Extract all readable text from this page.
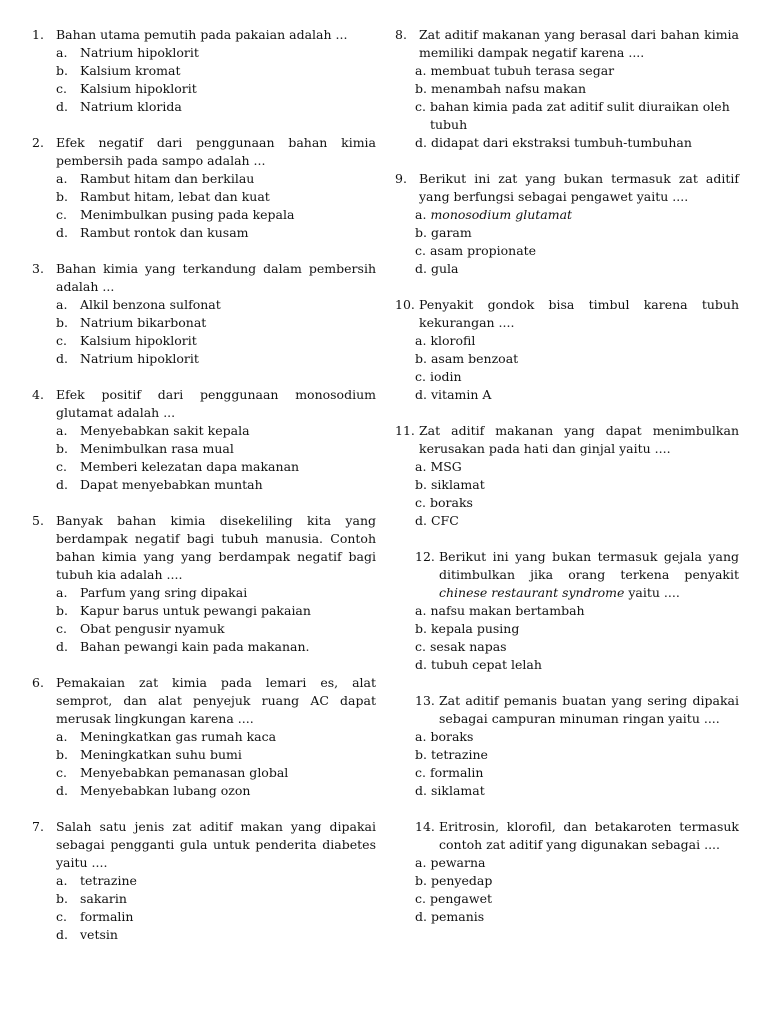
1. Bahan utama pemutih pada pakaian adalah ...
a.	Natrium hipoklorit
b. Kalsium kromat
c.	Kalsium hipoklorit
d. Natrium klorida
2. Efek negatif dari penggunaan bahan kimia pembersih pada sampo adalah ...
a.	Rambut hitam dan berkilau
b. Rambut hitam, lebat dan kuat
c.	Menimbulkan pusing pada kepala
d. Rambut rontok dan kusam
3. Bahan kimia yang terkandung dalam pembersih adalah ...
a.	Alkil benzona sulfonat
b. Natrium bikarbonat
c.	Kalsium hipoklorit
d. Natrium hipoklorit
4. Efek positif dari penggunaan monosodium glutamat adalah ...
a.	Menyebabkan sakit kepala
b. Menimbulkan rasa mual
c.	Memberi kelezatan dapa makanan
d. Dapat menyebabkan muntah
5. Banyak bahan kimia disekeliling kita yang berdampak negatif bagi tubuh manusia. Contoh bahan kimia yang yang berdampak negatif bagi tubuh kia adalah ....
a.	Parfum yang sring dipakai
b. Kapur barus untuk pewangi pakaian
c.	Obat pengusir nyamuk
d. Bahan pewangi kain pada makanan.
6. Pemakaian zat kimia pada lemari es, alat semprot, dan alat penyejuk ruang AC dapat merusak lingkungan karena ....
a.	Meningkatkan gas rumah kaca
b. Meningkatkan suhu bumi
c.	Menyebabkan pemanasan global
d. Menyebabkan lubang ozon
7. Salah satu jenis zat aditif makan yang dipakai sebagai pengganti gula untuk penderita diabetes yaitu ....
a.	tetrazine
b. sakarin
c.	formalin
d. vetsin
8. Zat aditif makanan yang berasal dari bahan kimia memiliki dampak negatif karena ....
a. membuat tubuh terasa segar
b. menambah nafsu makan
c. bahan kimia pada zat aditif sulit diuraikan oleh tubuh
d. didapat dari ekstraksi tumbuh-tumbuhan
9. Berikut ini zat yang bukan termasuk zat aditif yang berfungsi sebagai pengawet yaitu ....
a. monosodium glutamat
b. garam
c. asam propionate
d. gula
10. Penyakit gondok bisa timbul karena tubuh kekurangan ....
a. klorofil
b. asam benzoat
c. iodin
d. vitamin A
11. Zat aditif makanan yang dapat menimbulkan kerusakan pada hati dan ginjal yaitu ....
a. MSG
b. siklamat
c. boraks
d. CFC
12. Berikut ini yang bukan termasuk gejala yang ditimbulkan jika orang terkena penyakit chinese restaurant syndrome yaitu ....
a. nafsu makan bertambah
b. kepala pusing
c. sesak napas
d. tubuh cepat lelah
13. Zat aditif pemanis buatan yang sering dipakai sebagai campuran minuman ringan yaitu ....
a. boraks
b. tetrazine
c. formalin
d. siklamat
14. Eritrosin, klorofil, dan betakaroten termasuk contoh zat aditif yang digunakan sebagai ....
a. pewarna
b. penyedap
c. pengawet
d. pemanis
